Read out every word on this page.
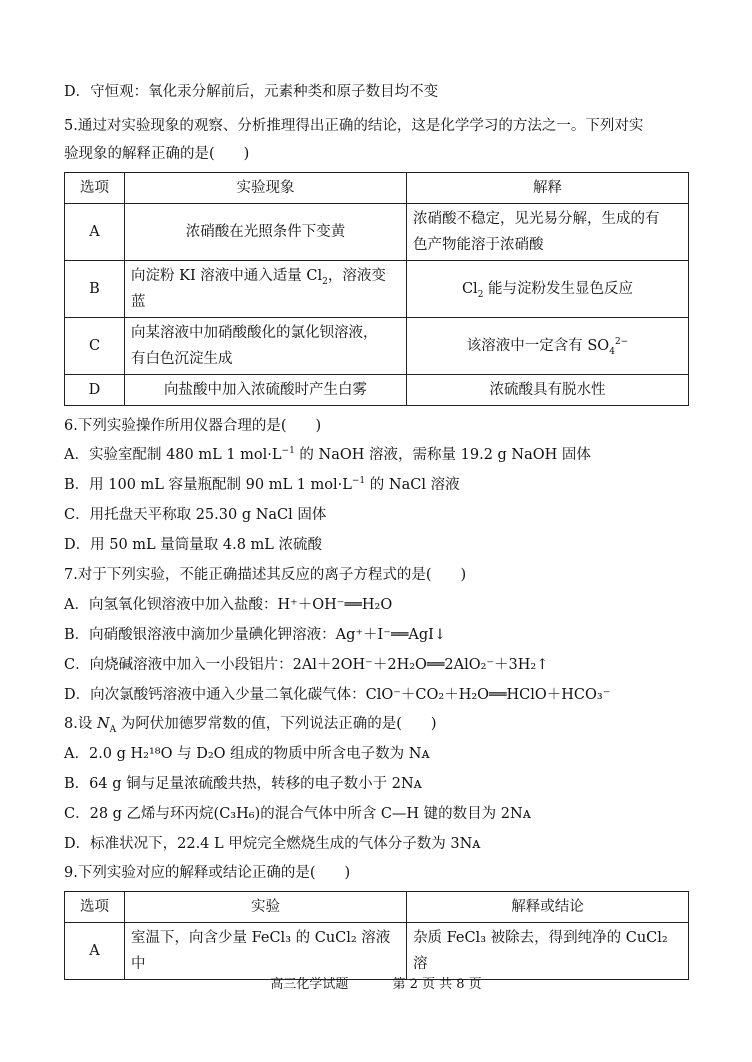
D．守恒观：氧化汞分解前后，元素种类和原子数目均不变
5.通过对实验现象的观察、分析推理得出正确的结论，这是化学学习的方法之一。下列对实
验现象的解释正确的是(　　)
选项	实验现象	解释
A	浓硝酸在光照条件下变黄	浓硝酸不稳定，见光易分解，生成的有
色产物能溶于浓硝酸

B	向淀粉 KI 溶液中通入适量 $Cl_2$，溶液变
蓝	$Cl_2$ 能与淀粉发生显色反应
C	向某溶液中加硝酸酸化的氯化钡溶液，
有白色沉淀生成	该溶液中一定含有 $SO_4^{2-}$
D	向盐酸中加入浓硫酸时产生白雾	浓硫酸具有脱水性
6.下列实验操作所用仪器合理的是(　　)
A．实验室配制 480 mL 1 $mol\cdot L^{-1}$ 的 NaOH 溶液，需称量 19.2 g NaOH 固体
B．用 100 mL 容量瓶配制 90 mL 1 $mol\cdot L^{-1}$ 的 NaCl 溶液
C．用托盘天平称取 25.30 g NaCl 固体
D．用 50 mL 量筒量取 4.8 mL 浓硫酸
7.对于下列实验，不能正确描述其反应的离子方程式的是(　　)
A．向氢氧化钡溶液中加入盐酸：H⁺＋OH⁻══H₂O
B．向硝酸银溶液中滴加少量碘化钾溶液：Ag⁺＋I⁻══AgI↓
C．向烧碱溶液中加入一小段铝片：2Al＋2OH⁻＋2H₂O══2AlO₂⁻＋3H₂↑
D．向次氯酸钙溶液中通入少量二氧化碳气体：ClO⁻＋CO₂＋H₂O══HClO＋HCO₃⁻
8.设 $N_A$ 为阿伏加德罗常数的值，下列说法正确的是(　　)
A．2.0 g H₂¹⁸O 与 D₂O 组成的物质中所含电子数为 Nᴀ
B．64 g 铜与足量浓硫酸共热，转移的电子数小于 2Nᴀ
C．28 g 乙烯与环丙烷(C₃H₆)的混合气体中所含 C—H 键的数目为 2Nᴀ
D．标准状况下，22.4 L 甲烷完全燃烧生成的气体分子数为 3Nᴀ
9.下列实验对应的解释或结论正确的是(　　)
选项	实验	解释或结论
A	室温下，向含少量 FeCl₃ 的 CuCl₂ 溶液中	杂质 FeCl₃ 被除去，得到纯净的 CuCl₂ 溶
高三化学试题	第 2 页 共 8 页
